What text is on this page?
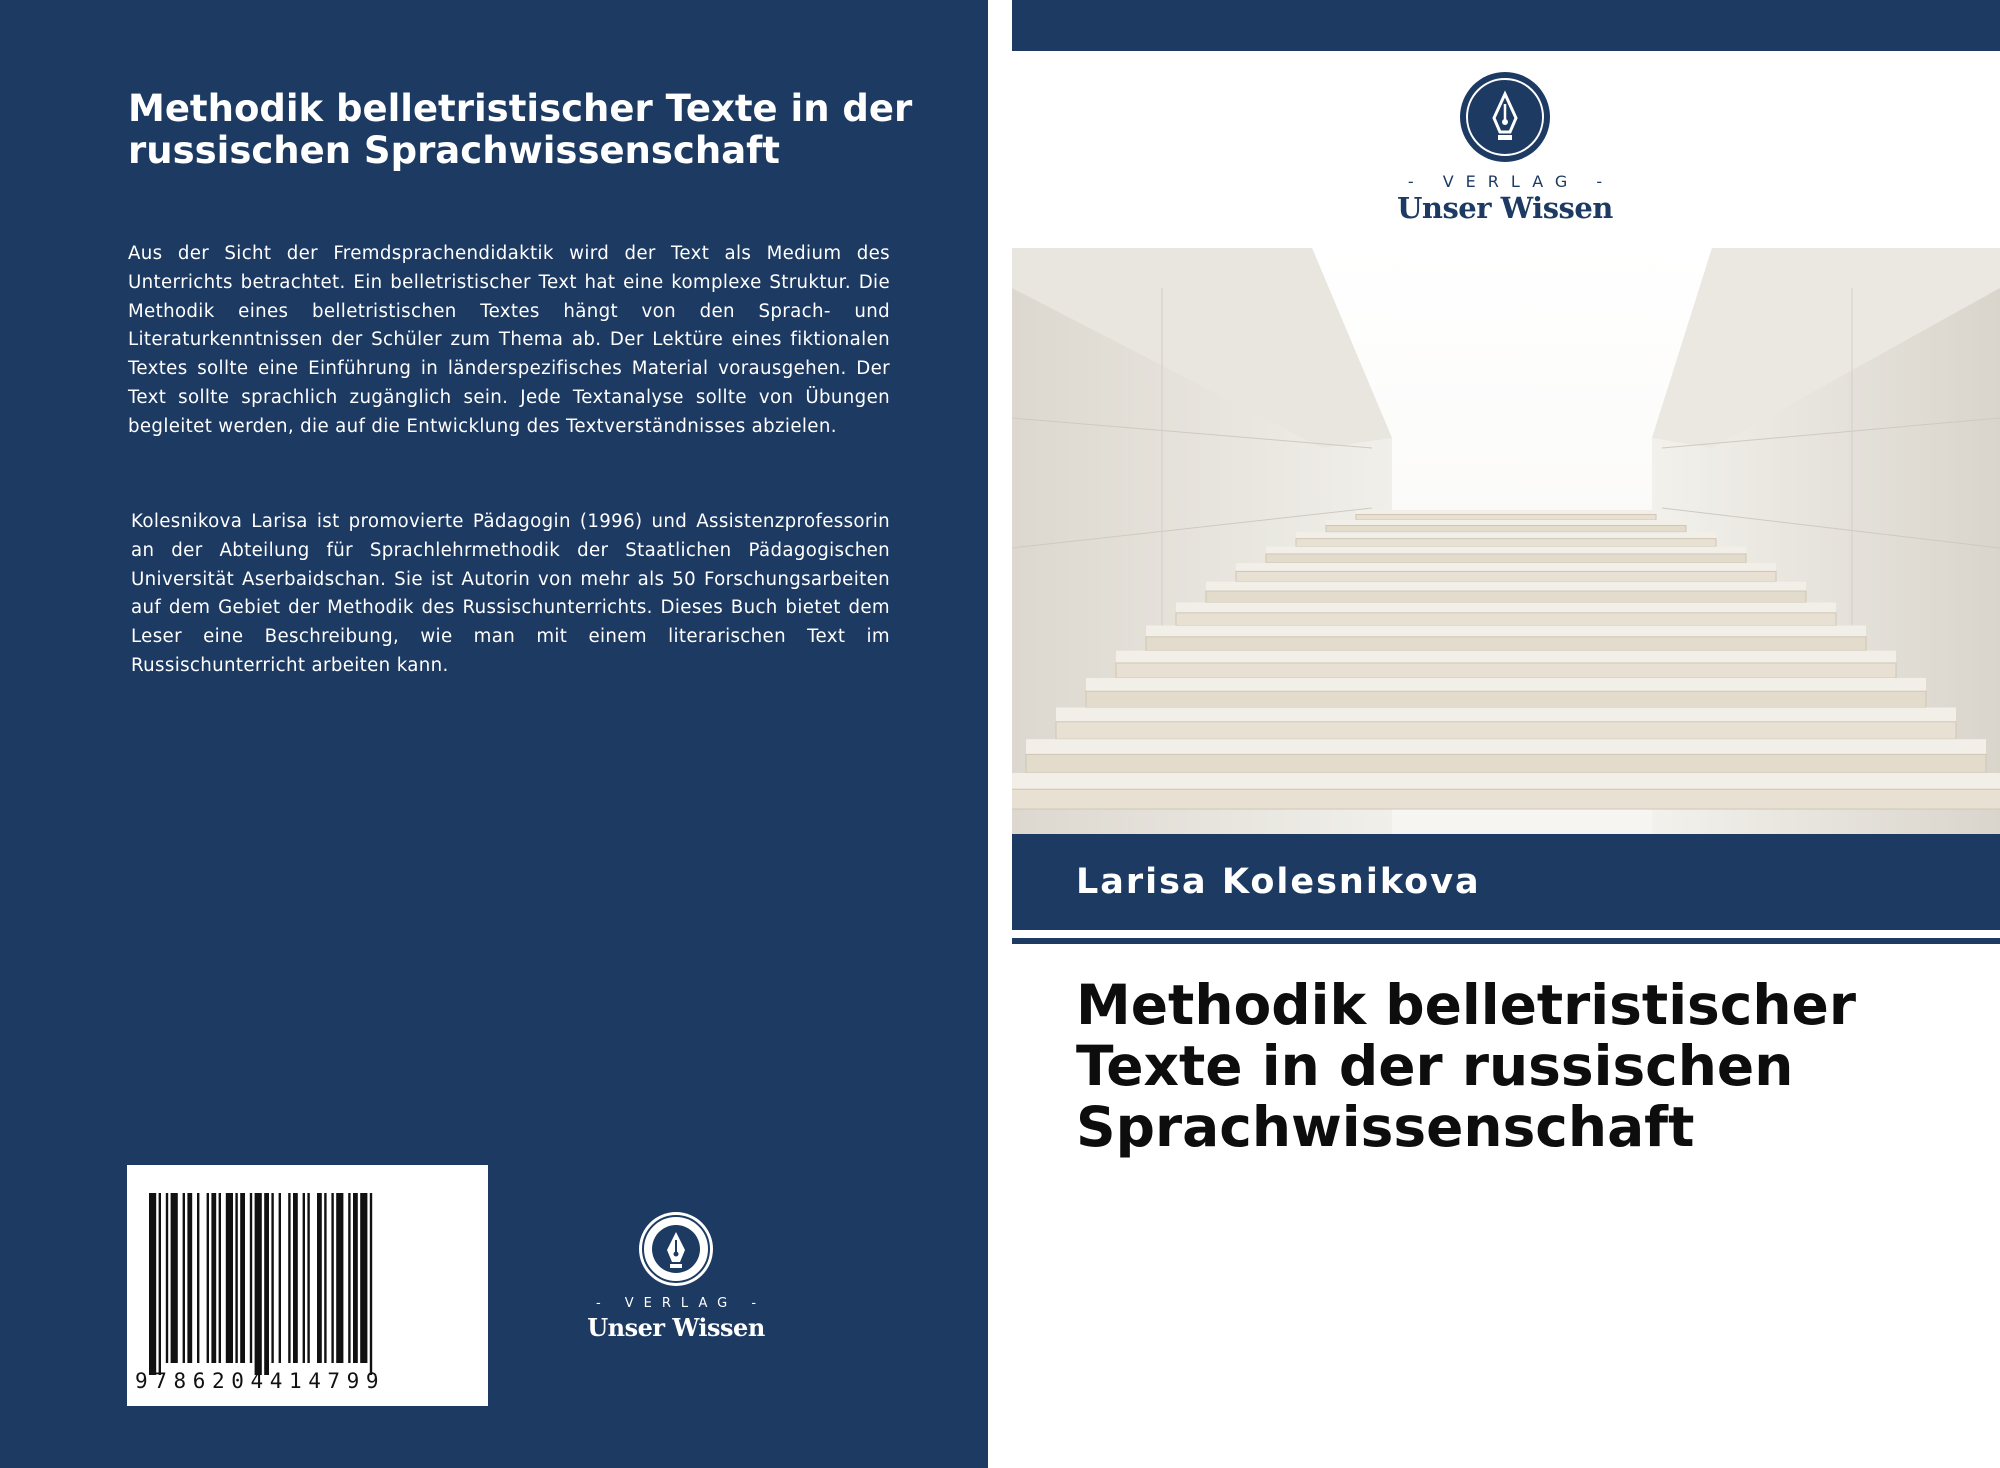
Methodik belletristischer Texte in der russischen Sprachwissenschaft

Aus der Sicht der Fremdsprachendidaktik wird der Text als Medium des Unterrichts betrachtet. Ein belletristischer Text hat eine komplexe Struktur. Die Methodik eines belletristischen Textes hängt von den Sprach- und Literaturkenntnissen der Schüler zum Thema ab. Der Lektüre eines fiktionalen Textes sollte eine Einführung in länderspezifisches Material vorausgehen. Der Text sollte sprachlich zugänglich sein. Jede Textanalyse sollte von Übungen begleitet werden, die auf die Entwicklung des Textverständnisses abzielen.

Kolesnikova Larisa ist promovierte Pädagogin (1996) und Assistenzprofessorin an der Abteilung für Sprachlehrmethodik der Staatlichen Pädagogischen Universität Aserbaidschan. Sie ist Autorin von mehr als 50 Forschungsarbeiten auf dem Gebiet der Methodik des Russischunterrichts. Dieses Buch bietet dem Leser eine Beschreibung, wie man mit einem literarischen Text im Russischunterricht arbeiten kann.

9786204414799
- VERLAG -
Unser Wissen
- VERLAG -
Unser Wissen
Larisa Kolesnikova
Methodik belletristischer Texte in der russischen Sprachwissenschaft
